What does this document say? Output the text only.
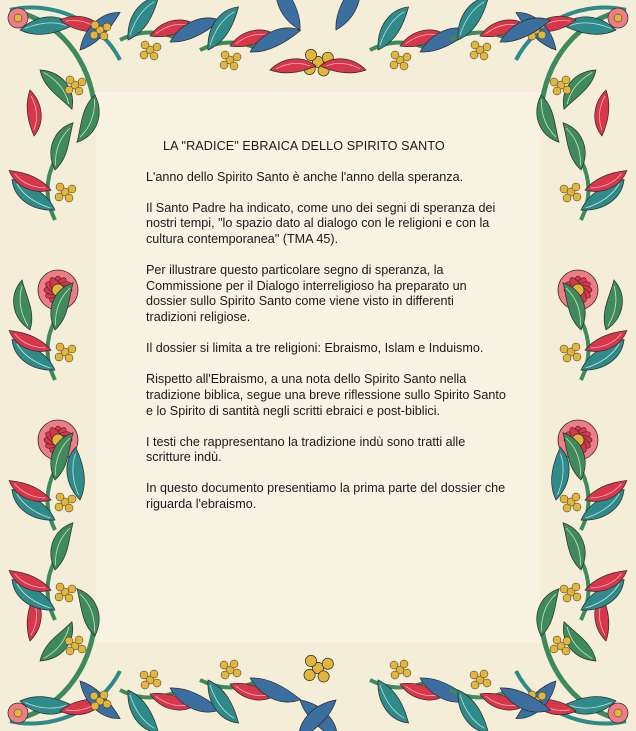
LA "RADICE" EBRAICA DELLO SPIRITO SANTO

L'anno dello Spirito Santo è anche l'anno della speranza.

Il Santo Padre ha indicato, come uno dei segni di speranza dei nostri tempi, "lo spazio dato al dialogo con le religioni e con la cultura contemporanea" (TMA 45).

Per illustrare questo particolare segno di speranza, la Commissione per il Dialogo interreligioso ha preparato un dossier sullo Spirito Santo come viene visto in differenti tradizioni religiose.

Il dossier si limita a tre religioni: Ebraismo, Islam e Induismo.

Rispetto all'Ebraismo, a una nota dello Spirito Santo nella tradizione biblica, segue una breve riflessione sullo Spirito Santo e lo Spirito di santità negli scritti ebraici e post-biblici.

I testi che rappresentano la tradizione indù sono tratti alle scritture indù.

In questo documento presentiamo la prima parte del dossier che riguarda l'ebraismo.
